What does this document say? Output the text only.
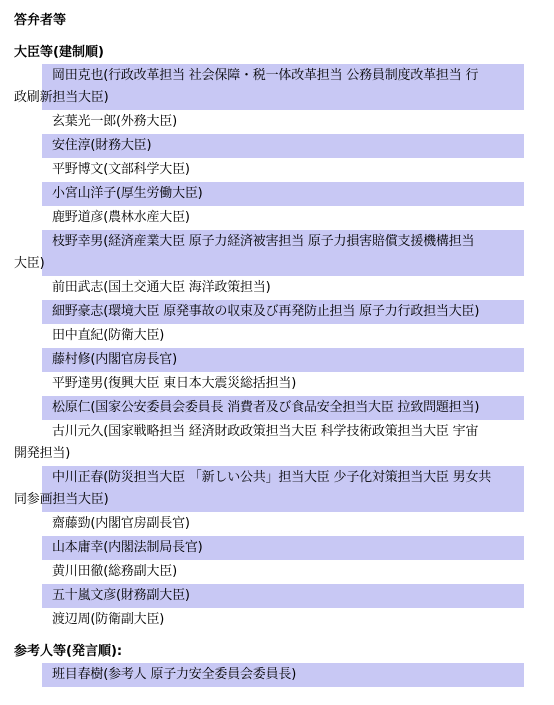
答弁者等
大臣等(建制順)
岡田克也(行政改革担当 社会保障・税一体改革担当 公務員制度改革担当 行
政刷新担当大臣)
玄葉光一郎(外務大臣)
安住淳(財務大臣)
平野博文(文部科学大臣)
小宮山洋子(厚生労働大臣)
鹿野道彦(農林水産大臣)
枝野幸男(経済産業大臣 原子力経済被害担当 原子力損害賠償支援機構担当
大臣)
前田武志(国土交通大臣 海洋政策担当)
細野豪志(環境大臣 原発事故の収束及び再発防止担当 原子力行政担当大臣)
田中直紀(防衛大臣)
藤村修(内閣官房長官)
平野達男(復興大臣 東日本大震災総括担当)
松原仁(国家公安委員会委員長 消費者及び食品安全担当大臣 拉致問題担当)
古川元久(国家戦略担当 経済財政政策担当大臣 科学技術政策担当大臣 宇宙
開発担当)
中川正春(防災担当大臣 「新しい公共」担当大臣 少子化対策担当大臣 男女共
同参画担当大臣)
齋藤勁(内閣官房副長官)
山本庸幸(内閣法制局長官)
黄川田徹(総務副大臣)
五十嵐文彦(財務副大臣)
渡辺周(防衛副大臣)
参考人等(発言順):
班目春樹(参考人 原子力安全委員会委員長)
